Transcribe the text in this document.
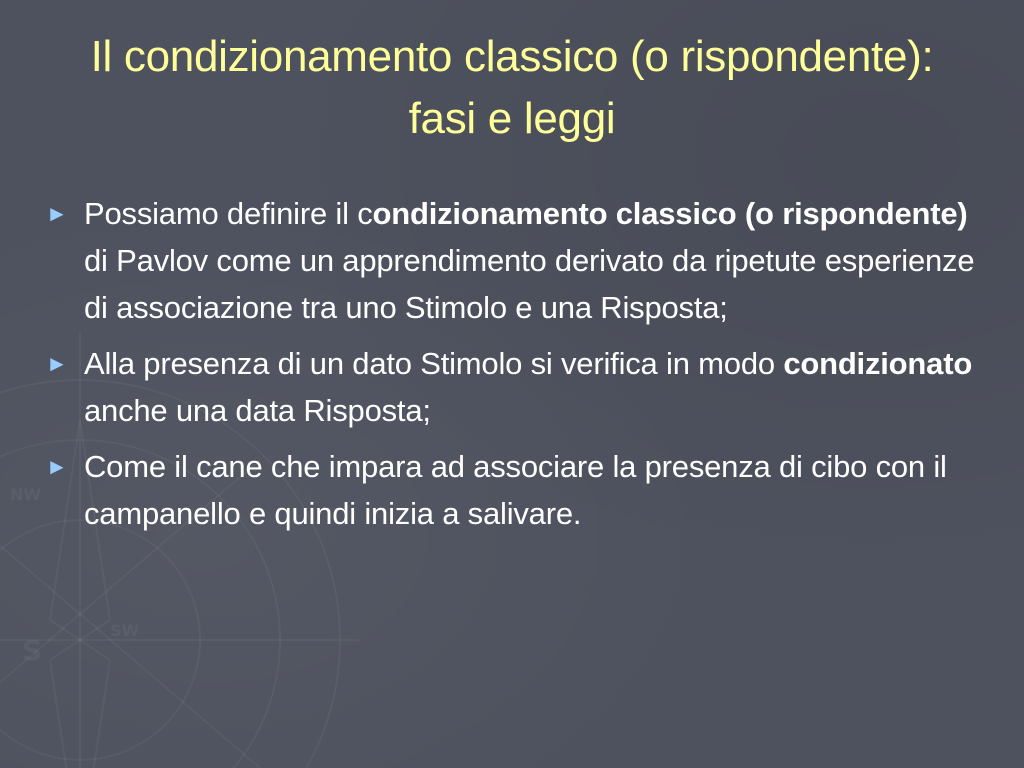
S
SW
NW
Il condizionamento classico (o rispondente): fasi e leggi
► Possiamo definire il condizionamento classico (o rispondente) di Pavlov come un apprendimento derivato da ripetute esperienze di associazione tra uno Stimolo e una Risposta;
► Alla presenza di un dato Stimolo si verifica in modo condizionato anche una data Risposta;
► Come il cane che impara ad associare la presenza di cibo con il campanello e quindi inizia a salivare.
